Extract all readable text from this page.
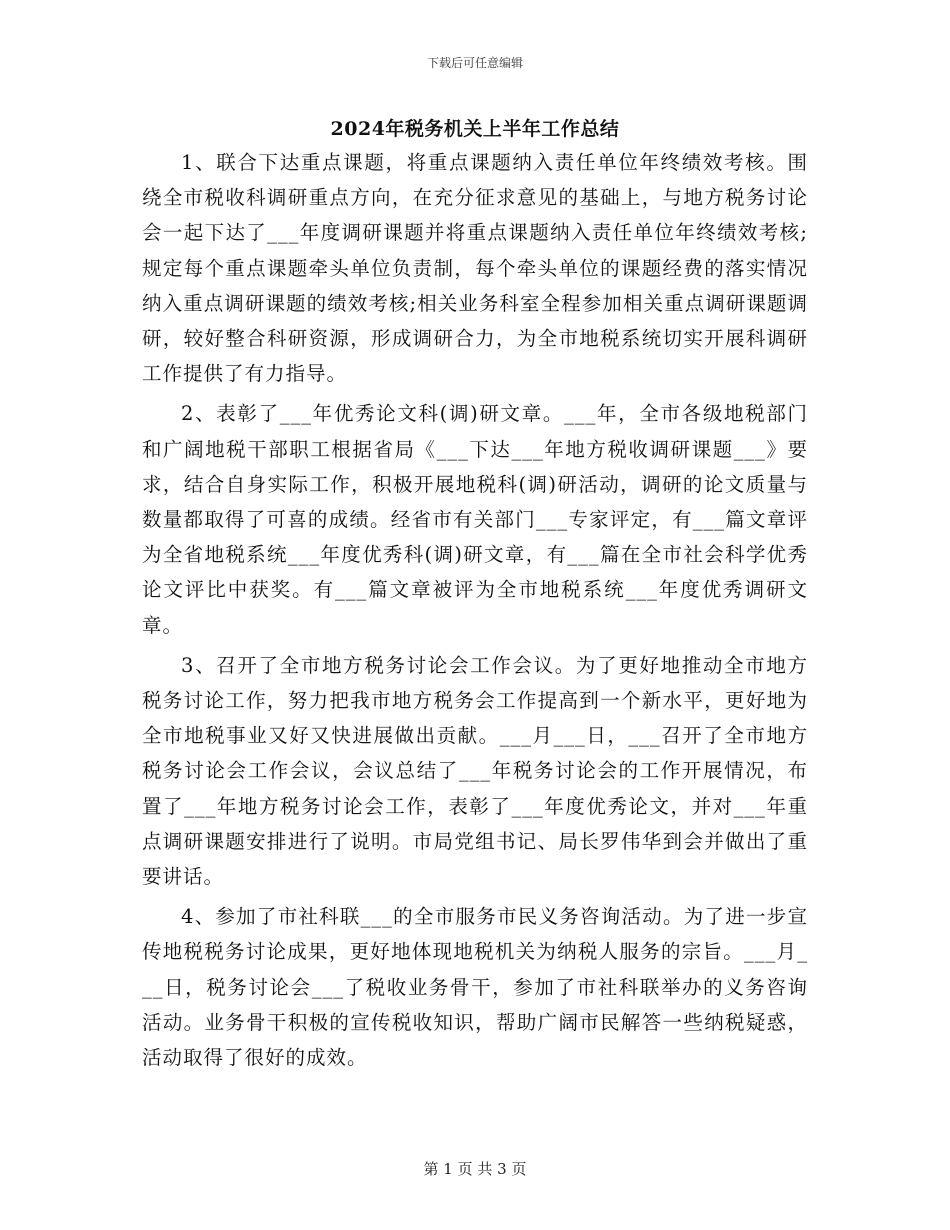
下载后可任意编辑
2024年税务机关上半年工作总结

1、联合下达重点课题，将重点课题纳入责任单位年终绩效考核。围绕全市税收科调研重点方向，在充分征求意见的基础上，与地方税务讨论会一起下达了___年度调研课题并将重点课题纳入责任单位年终绩效考核;规定每个重点课题牵头单位负责制，每个牵头单位的课题经费的落实情况纳入重点调研课题的绩效考核;相关业务科室全程参加相关重点调研课题调研，较好整合科研资源，形成调研合力，为全市地税系统切实开展科调研工作提供了有力指导。

2、表彰了___年优秀论文科(调)研文章。___年，全市各级地税部门和广阔地税干部职工根据省局《___下达___年地方税收调研课题___》要求，结合自身实际工作，积极开展地税科(调)研活动，调研的论文质量与数量都取得了可喜的成绩。经省市有关部门___专家评定，有___篇文章评为全省地税系统___年度优秀科(调)研文章，有___篇在全市社会科学优秀论文评比中获奖。有___篇文章被评为全市地税系统___年度优秀调研文章。

3、召开了全市地方税务讨论会工作会议。为了更好地推动全市地方税务讨论工作，努力把我市地方税务会工作提高到一个新水平，更好地为全市地税事业又好又快进展做出贡献。___月___日，___召开了全市地方税务讨论会工作会议，会议总结了___年税务讨论会的工作开展情况，布置了___年地方税务讨论会工作，表彰了___年度优秀论文，并对___年重点调研课题安排进行了说明。市局党组书记、局长罗伟华到会并做出了重要讲话。

4、参加了市社科联___的全市服务市民义务咨询活动。为了进一步宣传地税税务讨论成果，更好地体现地税机关为纳税人服务的宗旨。___月___日，税务讨论会___了税收业务骨干，参加了市社科联举办的义务咨询活动。业务骨干积极的宣传税收知识，帮助广阔市民解答一些纳税疑惑，活动取得了很好的成效。

第 1 页 共 3 页
